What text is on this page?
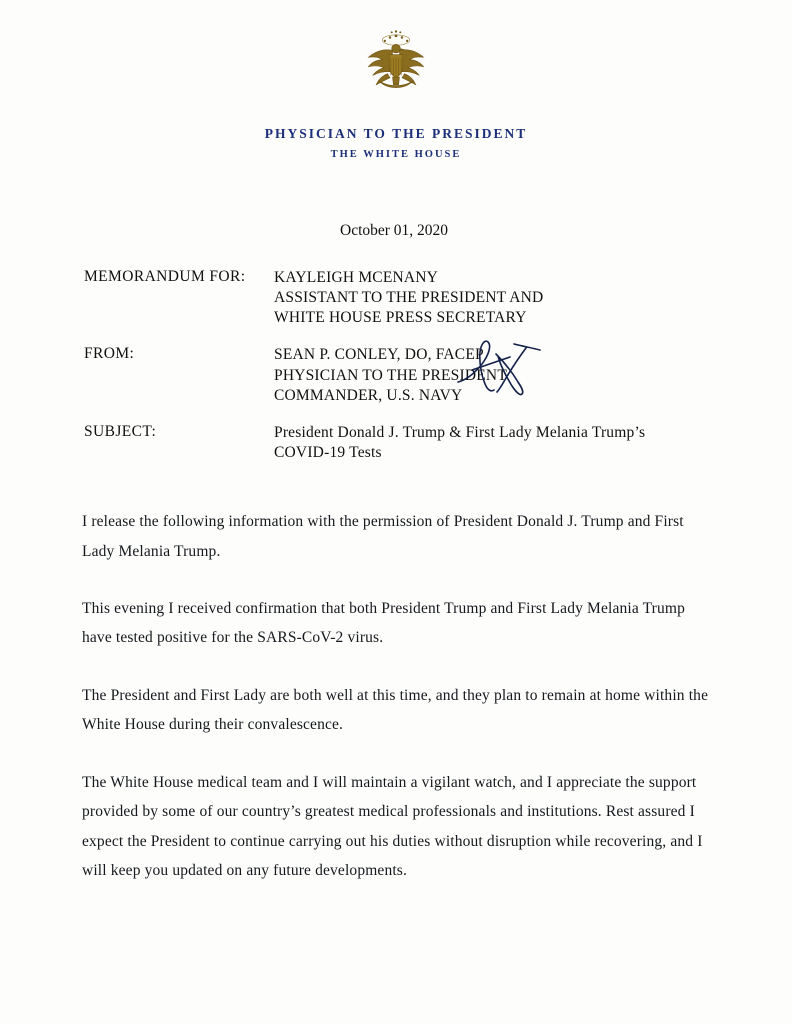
PHYSICIAN TO THE PRESIDENT
THE WHITE HOUSE
October 01, 2020
MEMORANDUM FOR:	KAYLEIGH MCENANY
ASSISTANT TO THE PRESIDENT AND
WHITE HOUSE PRESS SECRETARY
FROM:	SEAN P. CONLEY, DO, FACEP
PHYSICIAN TO THE PRESIDENT
COMMANDER, U.S. NAVY
SUBJECT:	President Donald J. Trump & First Lady Melania Trump’s
COVID-19 Tests

I release the following information with the permission of President Donald J. Trump and First Lady Melania Trump.

This evening I received confirmation that both President Trump and First Lady Melania Trump have tested positive for the SARS-CoV-2 virus.

The President and First Lady are both well at this time, and they plan to remain at home within the White House during their convalescence.

The White House medical team and I will maintain a vigilant watch, and I appreciate the support provided by some of our country’s greatest medical professionals and institutions. Rest assured I expect the President to continue carrying out his duties without disruption while recovering, and I will keep you updated on any future developments.
